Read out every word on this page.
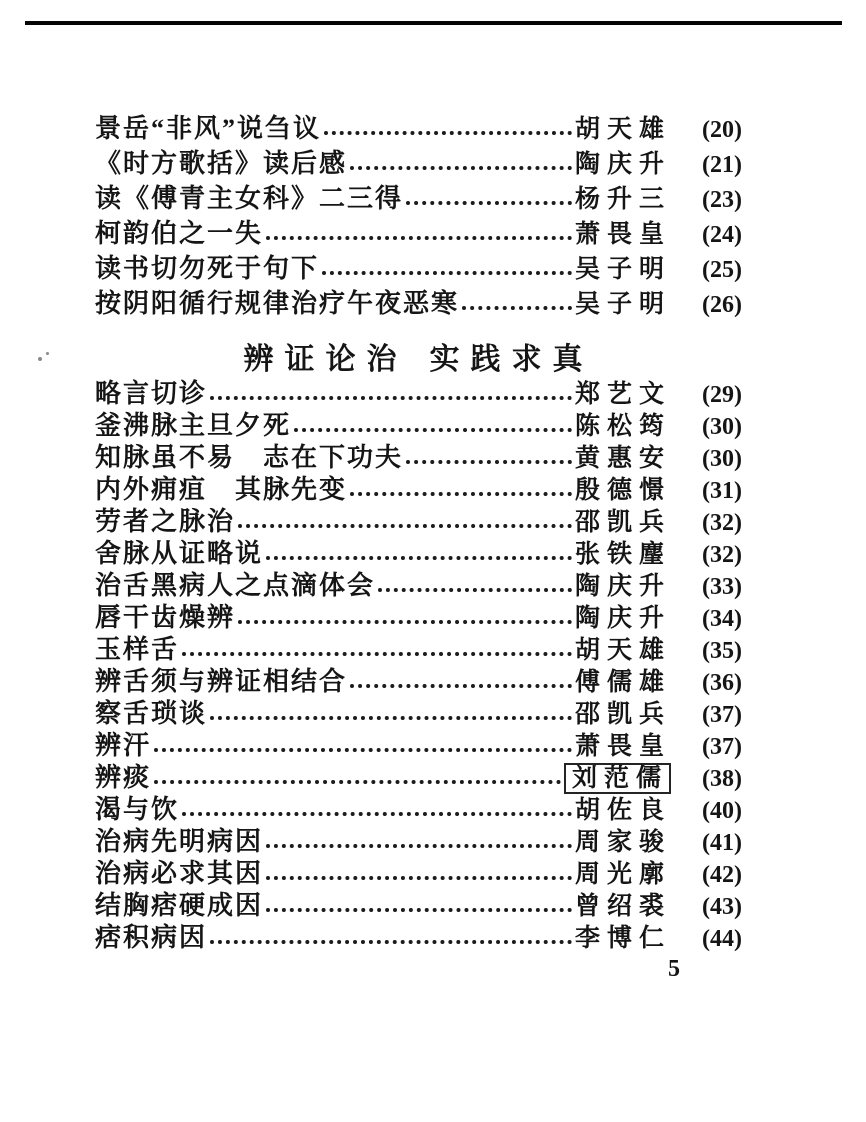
景岳“非风”说刍议	胡天雄	(20)
《时方歌括》读后感	陶庆升	(21)
读《傅青主女科》二三得	杨升三	(23)
柯韵伯之一失	萧畏皇	(24)
读书切勿死于句下	吴子明	(25)
按阴阳循行规律治疗午夜恶寒	吴子明	(26)
辨证论治 实践求真
略言切诊	郑艺文	(29)
釜沸脉主旦夕死	陈松筠	(30)
知脉虽不易　志在下功夫	黄惠安	(30)
内外痈疽　其脉先变	殷德憬	(31)
劳者之脉治	邵凯兵	(32)
舍脉从证略说	张铁麈	(32)
治舌黑病人之点滴体会	陶庆升	(33)
唇干齿燥辨	陶庆升	(34)
玉样舌	胡天雄	(35)
辨舌须与辨证相结合	傅儒雄	(36)
察舌琐谈	邵凯兵	(37)
辨汗	萧畏皇	(37)
辨痰	刘范儒	(38)
渴与饮	胡佐良	(40)
治病先明病因	周家骏	(41)
治病必求其因	周光廓	(42)
结胸痞硬成因	曾绍裘	(43)
痞积病因	李博仁	(44)
5
